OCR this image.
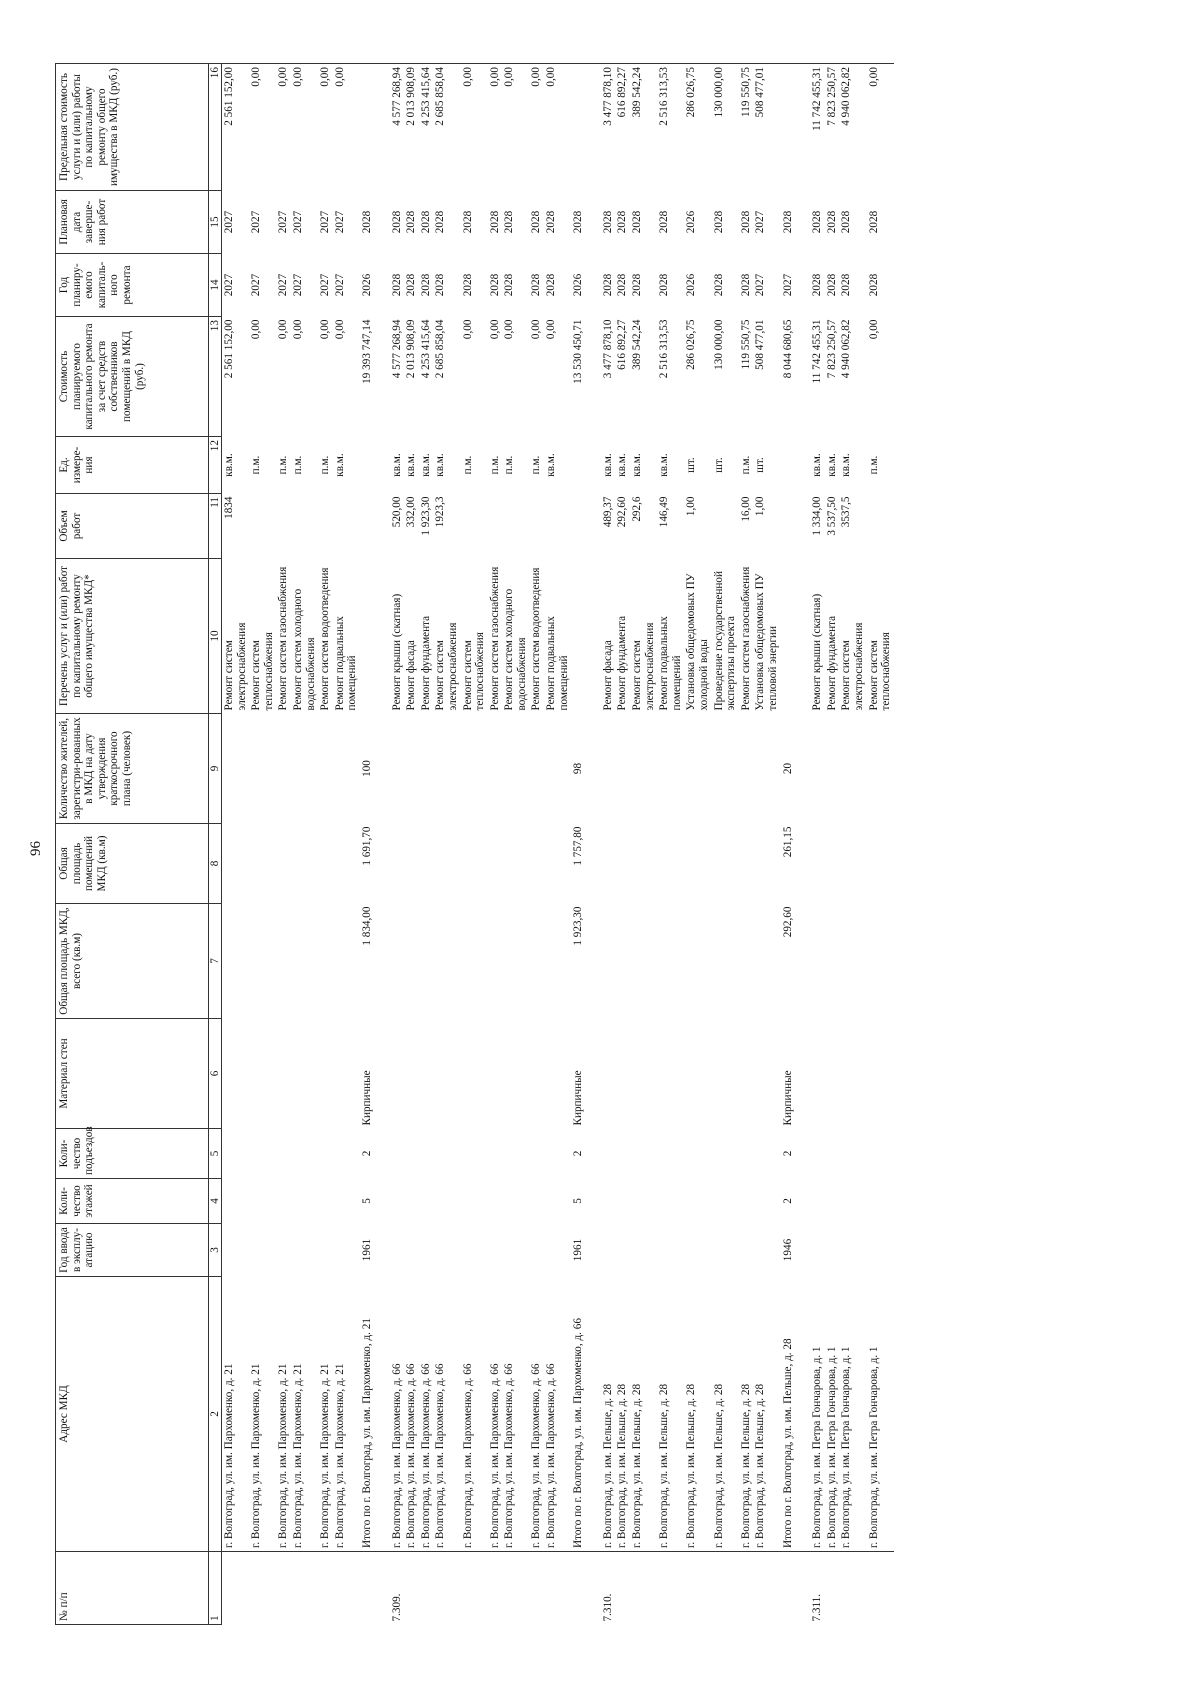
96
№ п/п	Адрес МКД	Год ввода в эксплу-атацию	Коли-чество этажей	Коли-чество подъездов	Материал стен	Общая площадь МКД, всего (кв.м)	Общая площадь помещений МКД (кв.м)	Количество жителей, зарегистри-рованных в МКД на дату утверждения краткосрочного плана (человек)	Перечень услуг и (или) работ по капитальному ремонту общего имущества МКД*	Объем работ	Ед. измере-ния	Стоимость планируемого капитального ремонта за счет средств собственников помещений в МКД (руб.)	Год планиру-емого капиталь-ного ремонта	Плановая дата заверше-ния работ	Предельная стоимость услуги и (или) работы по капитальному ремонту общего имущества в МКД (руб.)
1	2	3	4	5	6	7	8	9	10	11	12	13	14	15	16
	г. Волгоград, ул. им. Пархоменко, д. 21								Ремонт систем электроснабжения	1834	кв.м.	2 561 152,00	2027	2027	2 561 152,00
	г. Волгоград, ул. им. Пархоменко, д. 21								Ремонт систем теплоснабжения		п.м.	0,00	2027	2027	0,00
	г. Волгоград, ул. им. Пархоменко, д. 21								Ремонт систем газоснабжения		п.м.	0,00	2027	2027	0,00
	г. Волгоград, ул. им. Пархоменко, д. 21								Ремонт систем холодного водоснабжения		п.м.	0,00	2027	2027	0,00
	г. Волгоград, ул. им. Пархоменко, д. 21								Ремонт систем водоотведения		п.м.	0,00	2027	2027	0,00
	г. Волгоград, ул. им. Пархоменко, д. 21								Ремонт подвальных помещений		кв.м.	0,00	2027	2027	0,00
	Итого по г. Волгоград, ул. им. Пархоменко, д. 21	1961	5	2	Кирпичные	1 834,00	1 691,70	100				19 393 747,14	2026	2028	

7.309.	г. Волгоград, ул. им. Пархоменко, д. 66								Ремонт крыши (скатная)	520,00	кв.м.	4 577 268,94	2028	2028	4 577 268,94
	г. Волгоград, ул. им. Пархоменко, д. 66								Ремонт фасада	332,00	кв.м.	2 013 908,09	2028	2028	2 013 908,09
	г. Волгоград, ул. им. Пархоменко, д. 66								Ремонт фундамента	1 923,30	кв.м.	4 253 415,64	2028	2028	4 253 415,64
	г. Волгоград, ул. им. Пархоменко, д. 66								Ремонт систем электроснабжения	1923,3	кв.м.	2 685 858,04	2028	2028	2 685 858,04
	г. Волгоград, ул. им. Пархоменко, д. 66								Ремонт систем теплоснабжения		п.м.	0,00	2028	2028	0,00
	г. Волгоград, ул. им. Пархоменко, д. 66								Ремонт систем газоснабжения		п.м.	0,00	2028	2028	0,00
	г. Волгоград, ул. им. Пархоменко, д. 66								Ремонт систем холодного водоснабжения		п.м.	0,00	2028	2028	0,00
	г. Волгоград, ул. им. Пархоменко, д. 66								Ремонт систем водоотведения		п.м.	0,00	2028	2028	0,00
	г. Волгоград, ул. им. Пархоменко, д. 66								Ремонт подвальных помещений		кв.м.	0,00	2028	2028	0,00
	Итого по г. Волгоград, ул. им. Пархоменко, д. 66	1961	5	2	Кирпичные	1 923,30	1 757,80	98				13 530 450,71	2026	2028	

7.310.	г. Волгоград, ул. им. Пельше, д. 28								Ремонт фасада	489,37	кв.м.	3 477 878,10	2028	2028	3 477 878,10
	г. Волгоград, ул. им. Пельше, д. 28								Ремонт фундамента	292,60	кв.м.	616 892,27	2028	2028	616 892,27
	г. Волгоград, ул. им. Пельше, д. 28								Ремонт систем электроснабжения	292,6	кв.м.	389 542,24	2028	2028	389 542,24
	г. Волгоград, ул. им. Пельше, д. 28								Ремонт подвальных помещений	146,49	кв.м.	2 516 313,53	2028	2028	2 516 313,53
	г. Волгоград, ул. им. Пельше, д. 28								Установка общедомовых ПУ холодной воды	1,00	шт.	286 026,75	2026	2026	286 026,75
	г. Волгоград, ул. им. Пельше, д. 28								Проведение государственной экспертизы проекта		шт.	130 000,00	2028	2028	130 000,00
	г. Волгоград, ул. им. Пельше, д. 28								Ремонт систем газоснабжения	16,00	п.м.	119 550,75	2028	2028	119 550,75
	г. Волгоград, ул. им. Пельше, д. 28								Установка общедомовых ПУ тепловой энергии	1,00	шт.	508 477,01	2027	2027	508 477,01
	Итого по г. Волгоград, ул. им. Пельше, д. 28	1946	2	2	Кирпичные	292,60	261,15	20				8 044 680,65	2027	2028	

7.311.	г. Волгоград, ул. им. Петра Гончарова, д. 1								Ремонт крыши (скатная)	1 334,00	кв.м.	11 742 455,31	2028	2028	11 742 455,31
	г. Волгоград, ул. им. Петра Гончарова, д. 1								Ремонт фундамента	3 537,50	кв.м.	7 823 250,57	2028	2028	7 823 250,57
	г. Волгоград, ул. им. Петра Гончарова, д. 1								Ремонт систем электроснабжения	3537,5	кв.м.	4 940 062,82	2028	2028	4 940 062,82
	г. Волгоград, ул. им. Петра Гончарова, д. 1								Ремонт систем теплоснабжения		п.м.	0,00	2028	2028	0,00
